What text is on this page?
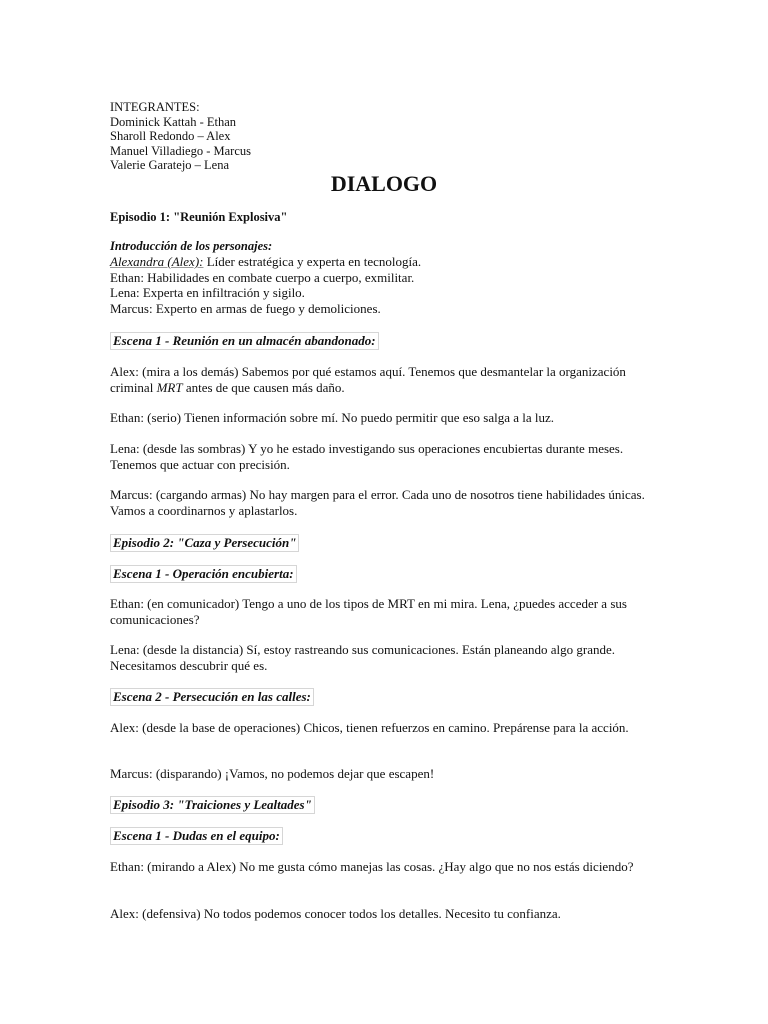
INTEGRANTES:
Dominick Kattah - Ethan
Sharoll Redondo – Alex
Manuel Villadiego - Marcus
Valerie Garatejo – Lena
DIALOGO
Episodio 1: "Reunión Explosiva"
Introducción de los personajes:

Alexandra (Alex): Líder estratégica y experta en tecnología.

Ethan: Habilidades en combate cuerpo a cuerpo, exmilitar.

Lena: Experta en infiltración y sigilo.

Marcus: Experto en armas de fuego y demoliciones.

Escena 1 - Reunión en un almacén abandonado:

Alex: (mira a los demás) Sabemos por qué estamos aquí. Tenemos que desmantelar la organización criminal MRT antes de que causen más daño.

Ethan: (serio) Tienen información sobre mí. No puedo permitir que eso salga a la luz.

Lena: (desde las sombras) Y yo he estado investigando sus operaciones encubiertas durante meses. Tenemos que actuar con precisión.

Marcus: (cargando armas) No hay margen para el error. Cada uno de nosotros tiene habilidades únicas. Vamos a coordinarnos y aplastarlos.

Episodio 2: "Caza y Persecución"
Escena 1 - Operación encubierta:

Ethan: (en comunicador) Tengo a uno de los tipos de MRT en mi mira. Lena, ¿puedes acceder a sus comunicaciones?

Lena: (desde la distancia) Sí, estoy rastreando sus comunicaciones. Están planeando algo grande. Necesitamos descubrir qué es.

Escena 2 - Persecución en las calles:

Alex: (desde la base de operaciones) Chicos, tienen refuerzos en camino. Prepárense para la acción.

Marcus: (disparando) ¡Vamos, no podemos dejar que escapen!

Episodio 3: "Traiciones y Lealtades"
Escena 1 - Dudas en el equipo:

Ethan: (mirando a Alex) No me gusta cómo manejas las cosas. ¿Hay algo que no nos estás diciendo?

Alex: (defensiva) No todos podemos conocer todos los detalles. Necesito tu confianza.
